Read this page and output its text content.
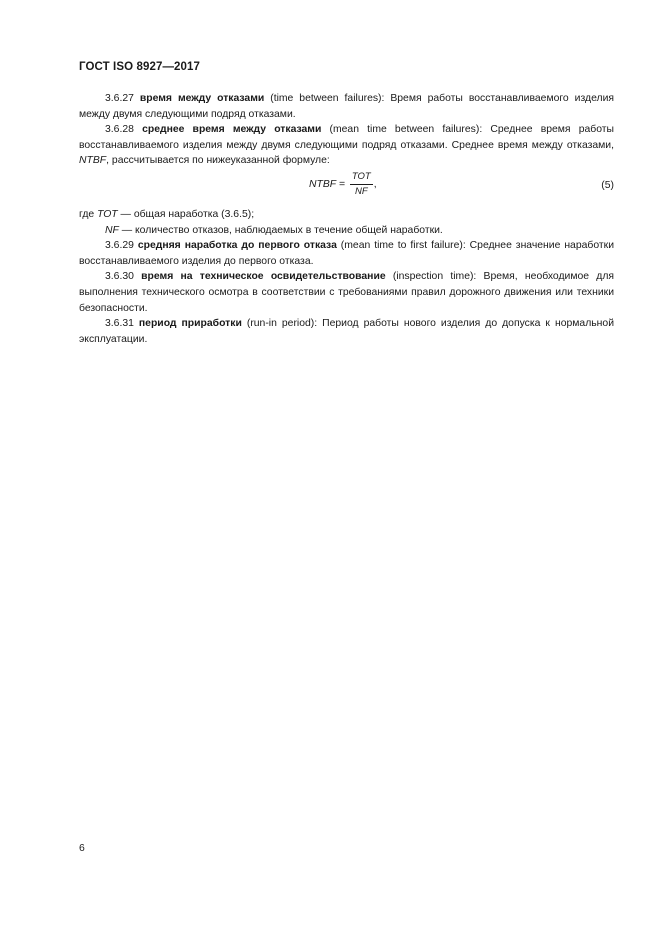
ГОСТ ISO 8927—2017

3.6.27 время между отказами (time between failures): Время работы восстанавливаемого изделия между двумя следующими подряд отказами.

3.6.28 среднее время между отказами (mean time between failures): Среднее время работы восстанавливаемого изделия между двумя следующими подряд отказами. Среднее время между отказами, NTBF, рассчитывается по нижеуказанной формуле:

NTBF = $\frac{\text{TOT}}{NF}$ ,	(5)

где TOT — общая наработка (3.6.5);

NF — количество отказов, наблюдаемых в течение общей наработки.

3.6.29 средняя наработка до первого отказа (mean time to first failure): Среднее значение наработки восстанавливаемого изделия до первого отказа.

3.6.30 время на техническое освидетельствование (inspection time): Время, необходимое для выполнения технического осмотра в соответствии с требованиями правил дорожного движения или техники безопасности.

3.6.31 период приработки (run-in period): Период работы нового изделия до допуска к нормальной эксплуатации.

6
